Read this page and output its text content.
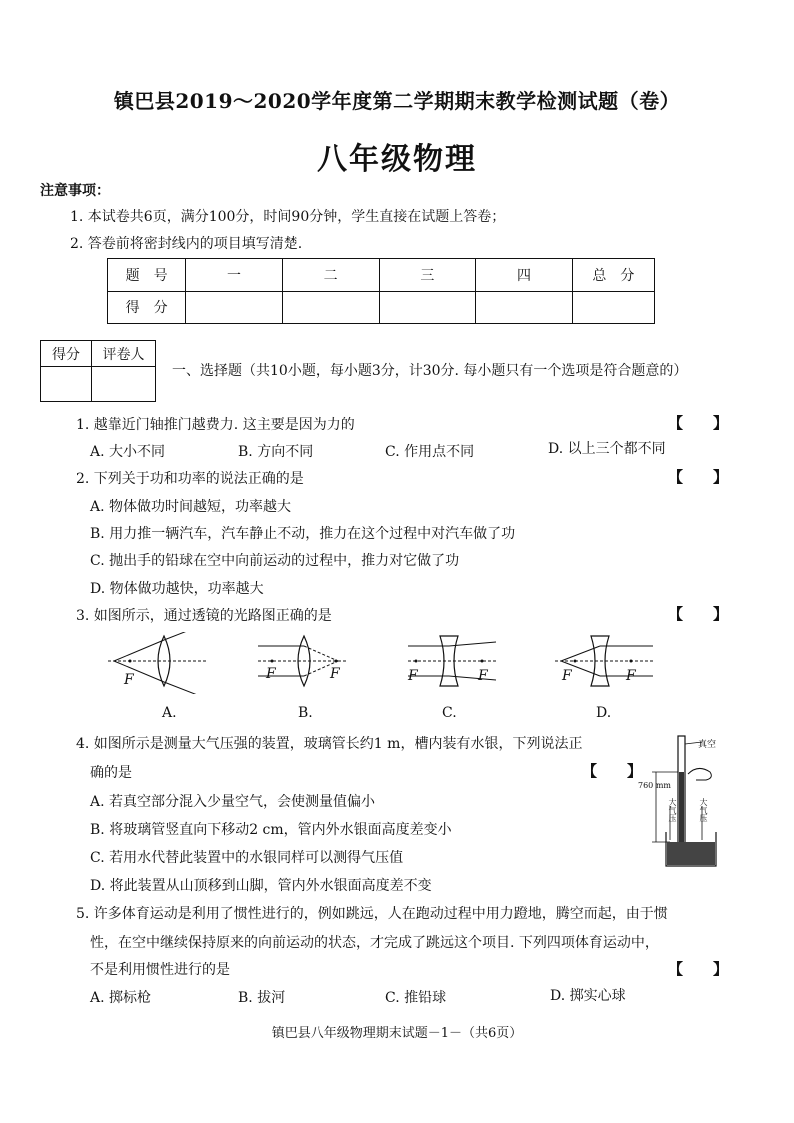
镇巴县2019～2020学年度第二学期期末教学检测试题（卷）
八年级物理
注意事项：
1. 本试卷共6页，满分100分，时间90分钟，学生直接在试题上答卷；
2. 答卷前将密封线内的项目填写清楚.
题　号	一	二	三	四	总　分
得　分					
得分	评卷人

一、选择题（共10小题，每小题3分，计30分. 每小题只有一个选项是符合题意的）
1. 越靠近门轴推门越费力. 这主要是因为力的	【　　】
A. 大小不同	B. 方向不同	C. 作用点不同	D. 以上三个都不同
2. 下列关于功和功率的说法正确的是	【　　】
A. 物体做功时间越短，功率越大
B. 用力推一辆汽车，汽车静止不动，推力在这个过程中对汽车做了功
C. 抛出手的铅球在空中向前运动的过程中，推力对它做了功
D. 物体做功越快，功率越大
3. 如图所示，通过透镜的光路图正确的是	【　　】
F
A.
F	F
B.
F	F
C.
F	F
D.
4. 如图所示是测量大气压强的装置，玻璃管长约1 m，槽内装有水银，下列说法正
确的是	【　　】
A. 若真空部分混入少量空气，会使测量值偏小
B. 将玻璃管竖直向下移动2 cm，管内外水银面高度差变小
C. 若用水代替此装置中的水银同样可以测得气压值
D. 将此装置从山顶移到山脚，管内外水银面高度差不变
真空
760 mm
大气压	大气压
5. 许多体育运动是利用了惯性进行的，例如跳远，人在跑动过程中用力蹬地，腾空而起，由于惯
性，在空中继续保持原来的向前运动的状态，才完成了跳远这个项目. 下列四项体育运动中，
不是利用惯性进行的是	【　　】
A. 掷标枪	B. 拔河	C. 推铅球	D. 掷实心球
镇巴县八年级物理期末试题－1－（共6页）
